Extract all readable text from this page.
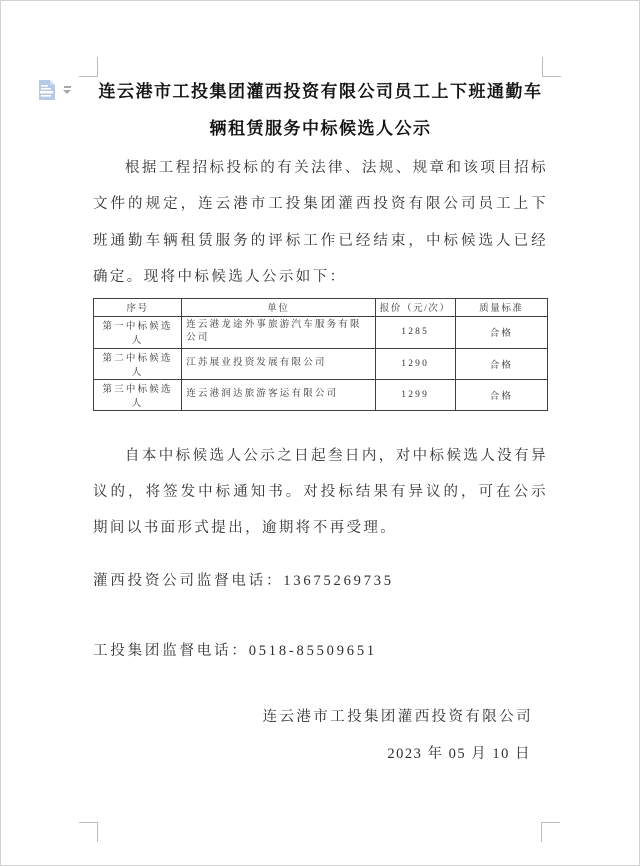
连云港市工投集团灌西投资有限公司员工上下班通勤车辆租赁服务中标候选人公示

根据工程招标投标的有关法律、法规、规章和该项目招标文件的规定，连云港市工投集团灌西投资有限公司员工上下班通勤车辆租赁服务的评标工作已经结束，中标候选人已经确定。现将中标候选人公示如下：

序号	单位	报价（元/次）	质量标准
第一中标候选人	连云港龙途外事旅游汽车服务有限公司	1285	合格
第二中标候选人	江苏展业投资发展有限公司	1290	合格
第三中标候选人	连云港润达旅游客运有限公司	1299	合格

自本中标候选人公示之日起叁日内，对中标候选人没有异议的，将签发中标通知书。对投标结果有异议的，可在公示期间以书面形式提出，逾期将不再受理。

灌西投资公司监督电话：13675269735

工投集团监督电话：0518-85509651

连云港市工投集团灌西投资有限公司

2023 年 05 月 10 日
